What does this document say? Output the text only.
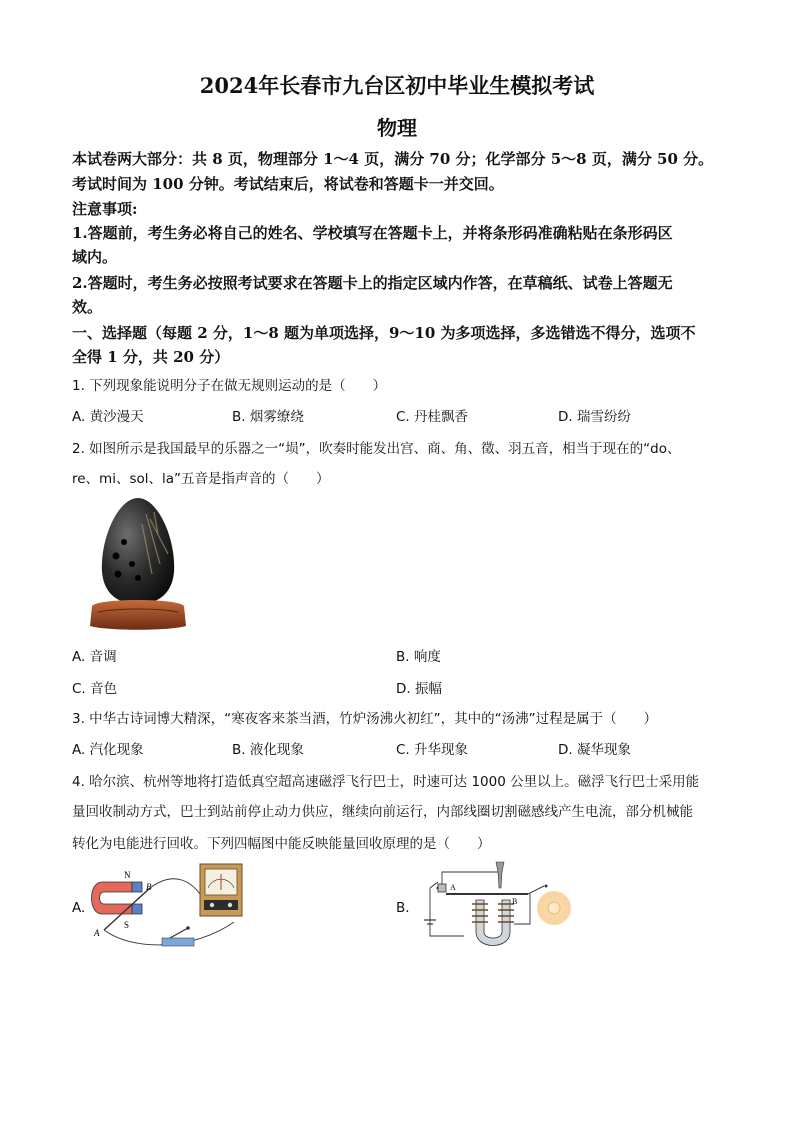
2024年长春市九台区初中毕业生模拟考试
物理
本试卷两大部分：共 8 页，物理部分 1～4 页，满分 70 分；化学部分 5～8 页，满分 50 分。
考试时间为 100 分钟。考试结束后，将试卷和答题卡一并交回。
注意事项:
1.答题前，考生务必将自己的姓名、学校填写在答题卡上，并将条形码准确粘贴在条形码区
域内。
2.答题时，考生务必按照考试要求在答题卡上的指定区域内作答，在草稿纸、试卷上答题无
效。
一、选择题（每题 2 分，1～8 题为单项选择，9～10 为多项选择，多选错选不得分，选项不
全得 1 分，共 20 分）
1. 下列现象能说明分子在做无规则运动的是（　　）
A. 黄沙漫天	B. 烟雾缭绕	C. 丹桂飘香	D. 瑞雪纷纷
2. 如图所示是我国最早的乐器之一“埙”，吹奏时能发出宫、商、角、徵、羽五音，相当于现在的“do、
re、mi、sol、la”五音是指声音的（　　）
A. 音调	B. 响度
C. 音色	D. 振幅
3. 中华古诗词博大精深，“寒夜客来茶当酒，竹炉汤沸火初红”，其中的“汤沸”过程是属于（　　）
A. 汽化现象	B. 液化现象	C. 升华现象	D. 凝华现象
4. 哈尔滨、杭州等地将打造低真空超高速磁浮飞行巴士，时速可达 1000 公里以上。磁浮飞行巴士采用能
量回收制动方式，巴士到站前停止动力供应，继续向前运行，内部线圈切割磁感线产生电流，部分机械能
转化为电能进行回收。下列四幅图中能反映能量回收原理的是（　　）
A.
N
S
B
A
B.
A
B
